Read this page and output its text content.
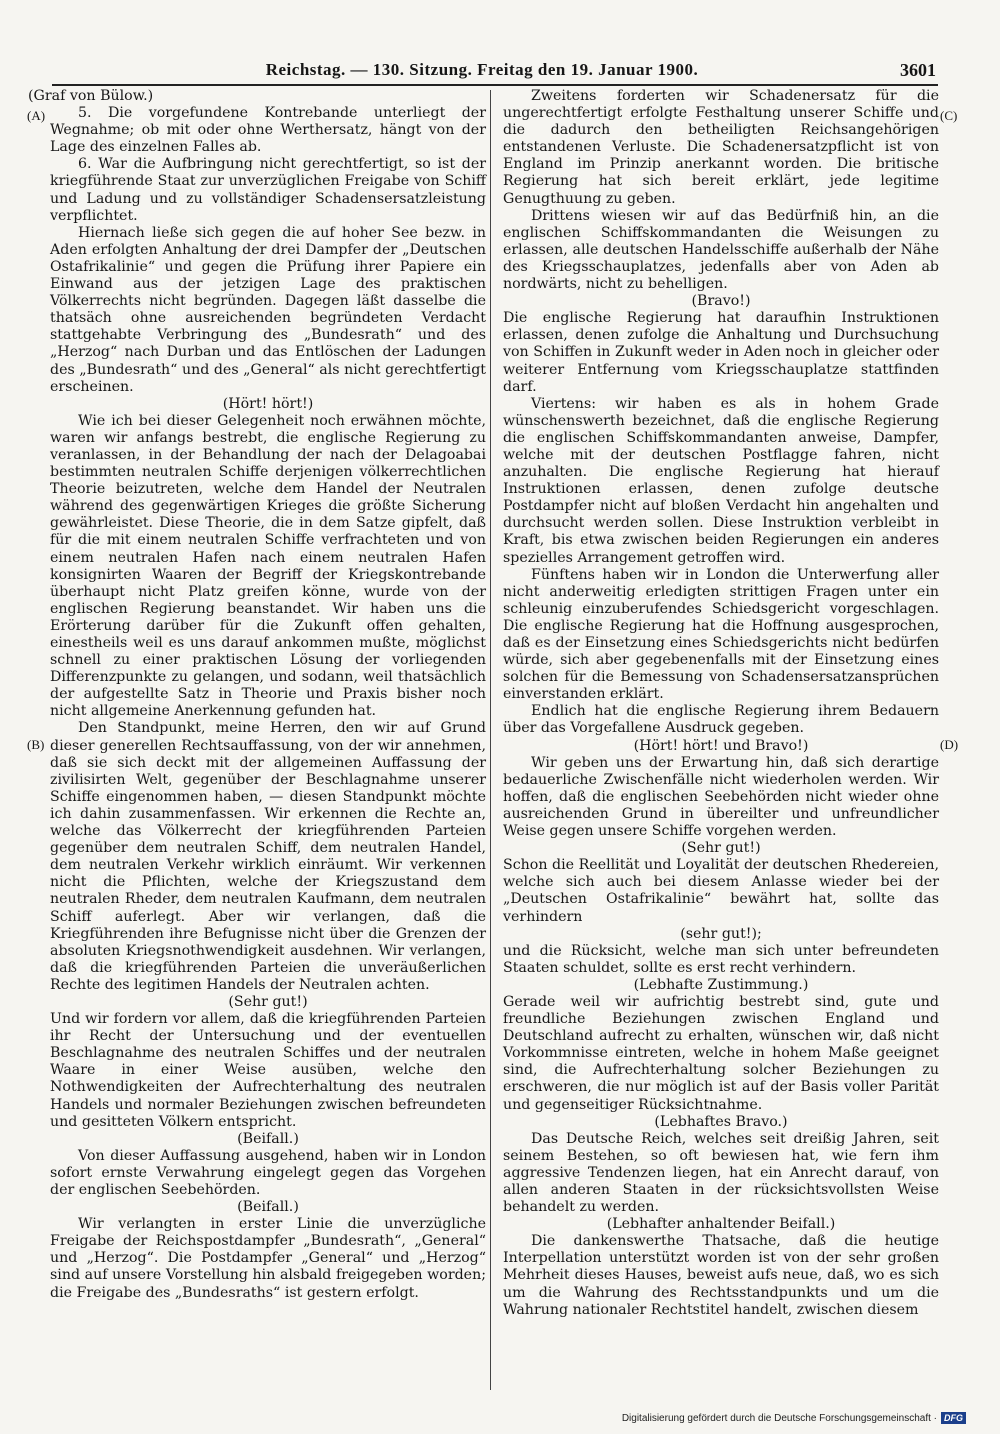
Reichstag. — 130. Sitzung. Freitag den 19. Januar 1900.	3601
(A)
(B)
(C)
(D)

(Graf von Bülow.)

5. Die vorgefundene Kontrebande unterliegt der Wegnahme; ob mit oder ohne Werthersatz, hängt von der Lage des einzelnen Falles ab.

6. War die Aufbringung nicht gerechtfertigt, so ist der kriegführende Staat zur unverzüglichen Freigabe von Schiff und Ladung und zu vollständiger Schadensersatzleistung verpflichtet.

Hiernach ließe sich gegen die auf hoher See bezw. in Aden erfolgten Anhaltung der drei Dampfer der „Deutschen Ostafrikalinie“ und gegen die Prüfung ihrer Papiere ein Einwand aus der jetzigen Lage des praktischen Völkerrechts nicht begründen. Dagegen läßt dasselbe die thatsäch ohne ausreichenden begründeten Verdacht stattgehabte Verbringung des „Bundesrath“ und des „Herzog“ nach Durban und das Entlöschen der Ladungen des „Bundesrath“ und des „General“ als nicht gerechtfertigt erscheinen.

(Hört! hört!)

Wie ich bei dieser Gelegenheit noch erwähnen möchte, waren wir anfangs bestrebt, die englische Regierung zu veranlassen, in der Behandlung der nach der Delagoabai bestimmten neutralen Schiffe derjenigen völkerrechtlichen Theorie beizutreten, welche dem Handel der Neutralen während des gegenwärtigen Krieges die größte Sicherung gewährleistet. Diese Theorie, die in dem Satze gipfelt, daß für die mit einem neutralen Schiffe verfrachteten und von einem neutralen Hafen nach einem neutralen Hafen konsignirten Waaren der Begriff der Kriegskontrebande überhaupt nicht Platz greifen könne, wurde von der englischen Regierung beanstandet. Wir haben uns die Erörterung darüber für die Zukunft offen gehalten, einestheils weil es uns darauf ankommen mußte, möglichst schnell zu einer praktischen Lösung der vorliegenden Differenzpunkte zu gelangen, und sodann, weil thatsächlich der aufgestellte Satz in Theorie und Praxis bisher noch nicht allgemeine Anerkennung gefunden hat.

Den Standpunkt, meine Herren, den wir auf Grund dieser generellen Rechtsauffassung, von der wir annehmen, daß sie sich deckt mit der allgemeinen Auffassung der zivilisirten Welt, gegenüber der Beschlagnahme unserer Schiffe eingenommen haben, — diesen Standpunkt möchte ich dahin zusammenfassen. Wir erkennen die Rechte an, welche das Völkerrecht der kriegführenden Parteien gegenüber dem neutralen Schiff, dem neutralen Handel, dem neutralen Verkehr wirklich einräumt. Wir verkennen nicht die Pflichten, welche der Kriegszustand dem neutralen Rheder, dem neutralen Kaufmann, dem neutralen Schiff auferlegt. Aber wir verlangen, daß die Kriegführenden ihre Befugnisse nicht über die Grenzen der absoluten Kriegsnothwendigkeit ausdehnen. Wir verlangen, daß die kriegführenden Parteien die unveräußerlichen Rechte des legitimen Handels der Neutralen achten.

(Sehr gut!)

Und wir fordern vor allem, daß die kriegführenden Parteien ihr Recht der Untersuchung und der eventuellen Beschlagnahme des neutralen Schiffes und der neutralen Waare in einer Weise ausüben, welche den Nothwendigkeiten der Aufrechterhaltung des neutralen Handels und normaler Beziehungen zwischen befreundeten und gesitteten Völkern entspricht.

(Beifall.)

Von dieser Auffassung ausgehend, haben wir in London sofort ernste Verwahrung eingelegt gegen das Vorgehen der englischen Seebehörden.

(Beifall.)

Wir verlangten in erster Linie die unverzügliche Freigabe der Reichspostdampfer „Bundesrath“, „General“ und „Herzog“. Die Postdampfer „General“ und „Herzog“ sind auf unsere Vorstellung hin alsbald freigegeben worden; die Freigabe des „Bundesraths“ ist gestern erfolgt.

Zweitens forderten wir Schadenersatz für die ungerechtfertigt erfolgte Festhaltung unserer Schiffe und die dadurch den betheiligten Reichsangehörigen entstandenen Verluste. Die Schadenersatzpflicht ist von England im Prinzip anerkannt worden. Die britische Regierung hat sich bereit erklärt, jede legitime Genugthuung zu geben.

Drittens wiesen wir auf das Bedürfniß hin, an die englischen Schiffskommandanten die Weisungen zu erlassen, alle deutschen Handelsschiffe außerhalb der Nähe des Kriegsschauplatzes, jedenfalls aber von Aden ab nordwärts, nicht zu behelligen.

(Bravo!)

Die englische Regierung hat daraufhin Instruktionen erlassen, denen zufolge die Anhaltung und Durchsuchung von Schiffen in Zukunft weder in Aden noch in gleicher oder weiterer Entfernung vom Kriegsschauplatze stattfinden darf.

Viertens: wir haben es als in hohem Grade wünschenswerth bezeichnet, daß die englische Regierung die englischen Schiffskommandanten anweise, Dampfer, welche mit der deutschen Postflagge fahren, nicht anzuhalten. Die englische Regierung hat hierauf Instruktionen erlassen, denen zufolge deutsche Postdampfer nicht auf bloßen Verdacht hin angehalten und durchsucht werden sollen. Diese Instruktion verbleibt in Kraft, bis etwa zwischen beiden Regierungen ein anderes spezielles Arrangement getroffen wird.

Fünftens haben wir in London die Unterwerfung aller nicht anderweitig erledigten strittigen Fragen unter ein schleunig einzuberufendes Schiedsgericht vorgeschlagen. Die englische Regierung hat die Hoffnung ausgesprochen, daß es der Einsetzung eines Schiedsgerichts nicht bedürfen würde, sich aber gegebenenfalls mit der Einsetzung eines solchen für die Bemessung von Schadensersatzansprüchen einverstanden erklärt.

Endlich hat die englische Regierung ihrem Bedauern über das Vorgefallene Ausdruck gegeben.

(Hört! hört! und Bravo!)

Wir geben uns der Erwartung hin, daß sich derartige bedauerliche Zwischenfälle nicht wiederholen werden. Wir hoffen, daß die englischen Seebehörden nicht wieder ohne ausreichenden Grund in übereilter und unfreundlicher Weise gegen unsere Schiffe vorgehen werden.

(Sehr gut!)

Schon die Reellität und Loyalität der deutschen Rhedereien, welche sich auch bei diesem Anlasse wieder bei der „Deutschen Ostafrikalinie“ bewährt hat, sollte das verhindern

(sehr gut!);

und die Rücksicht, welche man sich unter befreundeten Staaten schuldet, sollte es erst recht verhindern.

(Lebhafte Zustimmung.)

Gerade weil wir aufrichtig bestrebt sind, gute und freundliche Beziehungen zwischen England und Deutschland aufrecht zu erhalten, wünschen wir, daß nicht Vorkommnisse eintreten, welche in hohem Maße geeignet sind, die Aufrechterhaltung solcher Beziehungen zu erschweren, die nur möglich ist auf der Basis voller Parität und gegenseitiger Rücksichtnahme.

(Lebhaftes Bravo.)

Das Deutsche Reich, welches seit dreißig Jahren, seit seinem Bestehen, so oft bewiesen hat, wie fern ihm aggressive Tendenzen liegen, hat ein Anrecht darauf, von allen anderen Staaten in der rücksichtsvollsten Weise behandelt zu werden.

(Lebhafter anhaltender Beifall.)

Die dankenswerthe Thatsache, daß die heutige Interpellation unterstützt worden ist von der sehr großen Mehrheit dieses Hauses, beweist aufs neue, daß, wo es sich um die Wahrung des Rechtsstandpunkts und um die Wahrung nationaler Rechtstitel handelt, zwischen diesem

Digitalisierung gefördert durch die Deutsche Forschungsgemeinschaft · DFG
